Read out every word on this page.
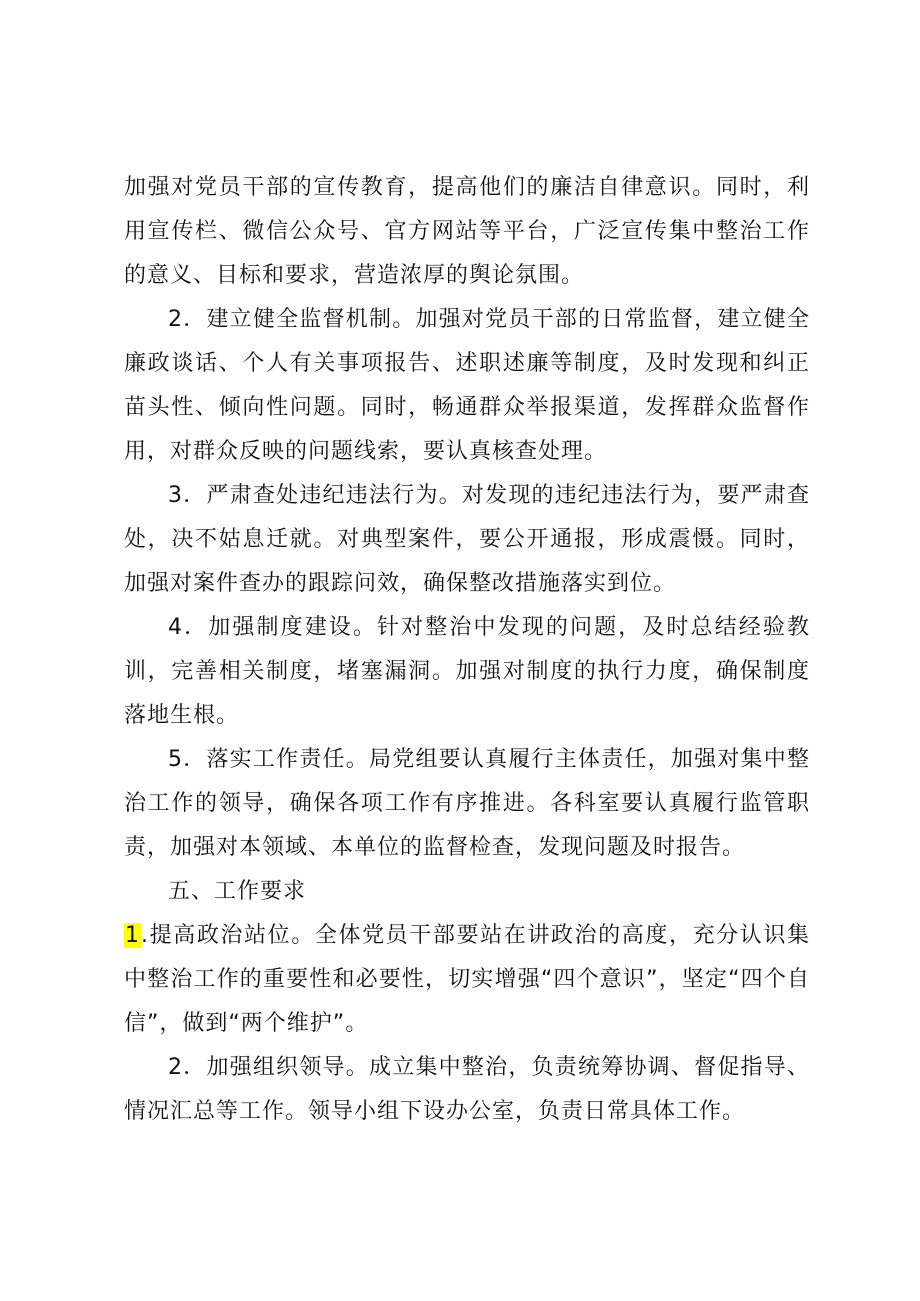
加强对党员干部的宣传教育，提高他们的廉洁自律意识。同时，利用宣传栏、微信公众号、官方网站等平台，广泛宣传集中整治工作的意义、目标和要求，营造浓厚的舆论氛围。

2．建立健全监督机制。加强对党员干部的日常监督，建立健全廉政谈话、个人有关事项报告、述职述廉等制度，及时发现和纠正苗头性、倾向性问题。同时，畅通群众举报渠道，发挥群众监督作用，对群众反映的问题线索，要认真核查处理。

3．严肃查处违纪违法行为。对发现的违纪违法行为，要严肃查处，决不姑息迁就。对典型案件，要公开通报，形成震慑。同时，加强对案件查办的跟踪问效，确保整改措施落实到位。

4．加强制度建设。针对整治中发现的问题，及时总结经验教训，完善相关制度，堵塞漏洞。加强对制度的执行力度，确保制度落地生根。

5．落实工作责任。局党组要认真履行主体责任，加强对集中整治工作的领导，确保各项工作有序推进。各科室要认真履行监管职责，加强对本领域、本单位的监督检查，发现问题及时报告。

五、工作要求

1.提高政治站位。全体党员干部要站在讲政治的高度，充分认识集中整治工作的重要性和必要性，切实增强“四个意识”，坚定“四个自信”，做到“两个维护”。

2．加强组织领导。成立集中整治，负责统筹协调、督促指导、情况汇总等工作。领导小组下设办公室，负责日常具体工作。
